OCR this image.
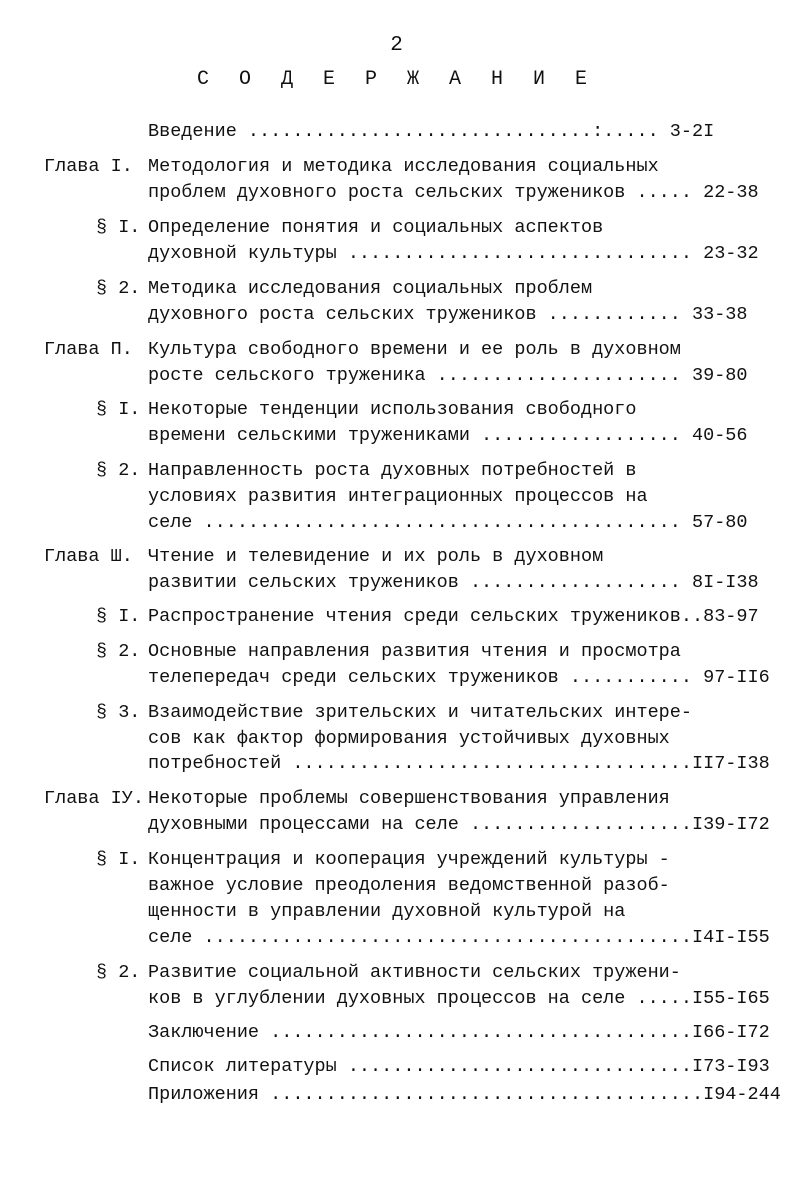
2
С О Д Е Р Ж А Н И Е
Введение ...............................:..... 3-2I
Глава I. Методология и методика исследования социальных
проблем духовного роста сельских тружеников ..... 22-38
§ I. Определение понятия и социальных аспектов
духовной культуры ............................... 23-32
§ 2. Методика исследования социальных проблем
духовного роста сельских тружеников ............ 33-38
Глава П. Культура свободного времени и ее роль в духовном
росте сельского труженика ...................... 39-80
§ I. Некоторые тенденции использования свободного
времени сельскими тружениками .................. 40-56
§ 2. Направленность роста духовных потребностей в
условиях развития интеграционных процессов на
селе ........................................... 57-80
Глава Ш. Чтение и телевидение и их роль в духовном
развитии сельских тружеников ................... 8I-I38
§ I. Распространение чтения среди сельских тружеников..83-97
§ 2. Основные направления развития чтения и просмотра
телепередач среди сельских тружеников ........... 97-II6
§ 3. Взаимодействие зрительских и читательских интере-
сов как фактор формирования устойчивых духовных
потребностей ....................................II7-I38
Глава IУ. Некоторые проблемы совершенствования управления
духовными процессами на селе ....................I39-I72
§ I. Концентрация и кооперация учреждений культуры -
важное условие преодоления ведомственной разоб-
щенности в управлении духовной культурой на
селе ............................................I4I-I55
§ 2. Развитие социальной активности сельских тружени-
ков в углублении духовных процессов на селе .....I55-I65
Заключение ......................................I66-I72
Список литературы ...............................I73-I93
Приложения .......................................I94-244
